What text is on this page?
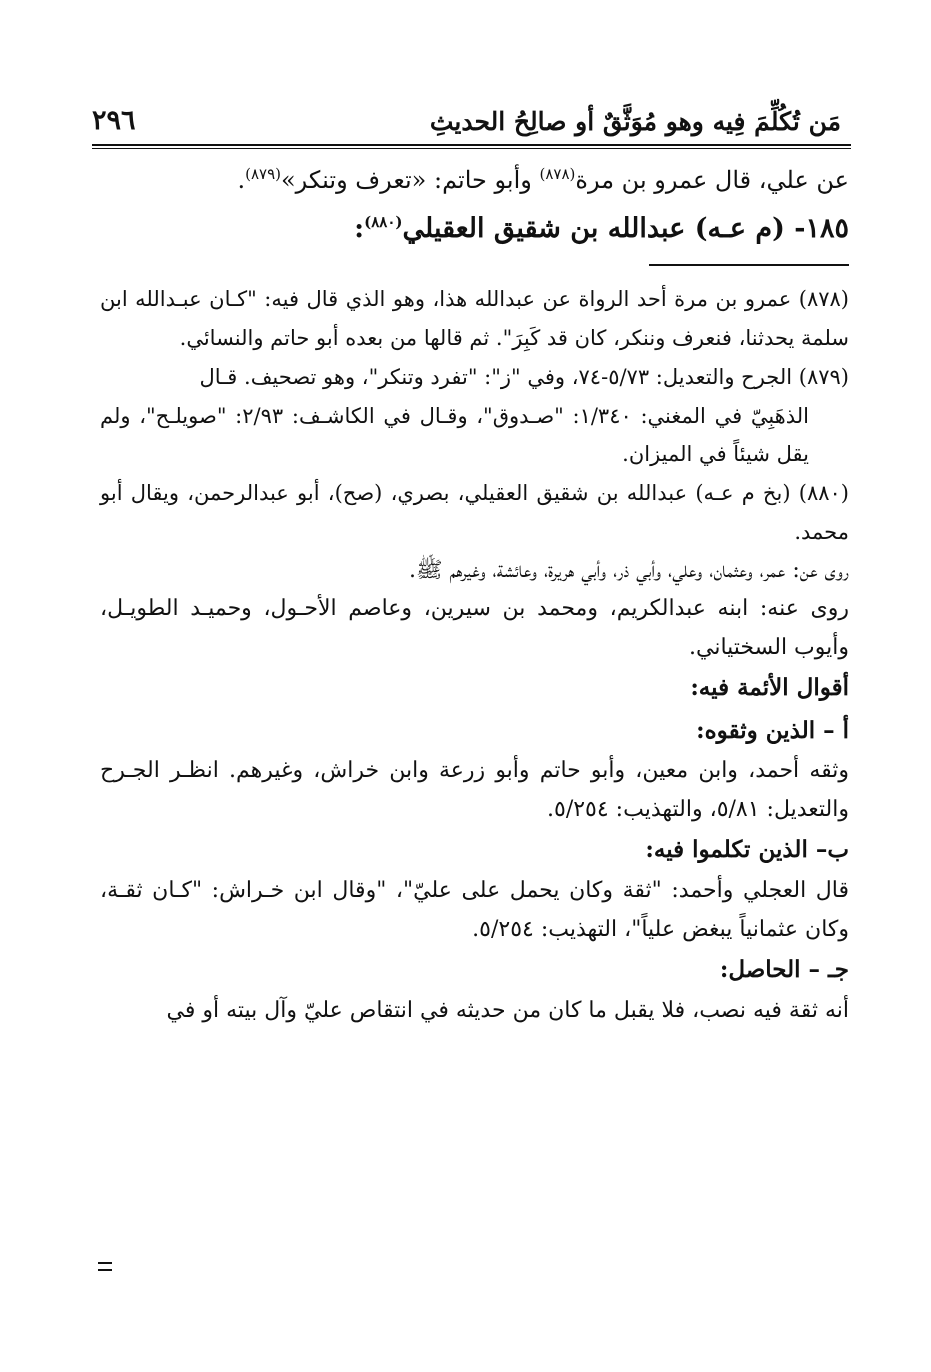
مَن تُكُلِّمَ فِيه وهو مُوَثَّقٌ أو صالِحُ الحديثِ
٢٩٦

عن علي، قال عمرو بن مرة$^{(٨٧٨)}$ وأبو حاتم: «تعرف وتنكر»$^{(٨٧٩)}$.

١٨٥- (م عـه) عبدالله بن شقيق العقيلي$^{(٨٨٠)}$:

(٨٧٨) عمرو بن مرة أحد الرواة عن عبدالله هذا، وهو الذي قال فيه: "كـان عبـدالله ابن سلمة يحدثنا، فنعرف وننكر، كان قد كَبِرَ". ثم قالها من بعده أبو حاتم والنسائي.

(٨٧٩) الجرح والتعديل: ٥/٧٣-٧٤، وفي "ز": "تفرد وتنكر"، وهو تصحيف. قـال

الذهَبِيّ في المغني: ١/٣٤٠: "صـدوق"، وقـال في الكاشـف: ٢/٩٣: "صويلـح"، ولم يقل شيئاً في الميزان.

(٨٨٠) (بخ م عـه) عبدالله بن شقيق العقيلي، بصري، (صح)، أبو عبدالرحمن، ويقال أبو محمد.

روى عن: عمر، وعثمان، وعلي، وأبي ذر، وأبي هريرة، وعائشة، وغيرهم ﷺ.

روى عنه: ابنه عبدالكريم، ومحمد بن سيرين، وعاصم الأحـول، وحميـد الطويـل، وأيوب السختياني.

أقوال الأئمة فيه:

أ – الذين وثقوه:

وثقه أحمد، وابن معين، وأبو حاتم وأبو زرعة وابن خراش، وغيرهم. انظـر الجـرح والتعديل: ٥/٨١، والتهذيب: ٥/٢٥٤.

ب– الذين تكلموا فيه:

قال العجلي وأحمد: "ثقة وكان يحمل على عليّ"، "وقال ابن خـراش: "كـان ثقـة، وكان عثمانياً يبغض علياً"، التهذيب: ٥/٢٥٤.

جـ – الحاصل:

أنه ثقة فيه نصب، فلا يقبل ما كان من حديثه في انتقاص عليّ وآل بيته أو في
